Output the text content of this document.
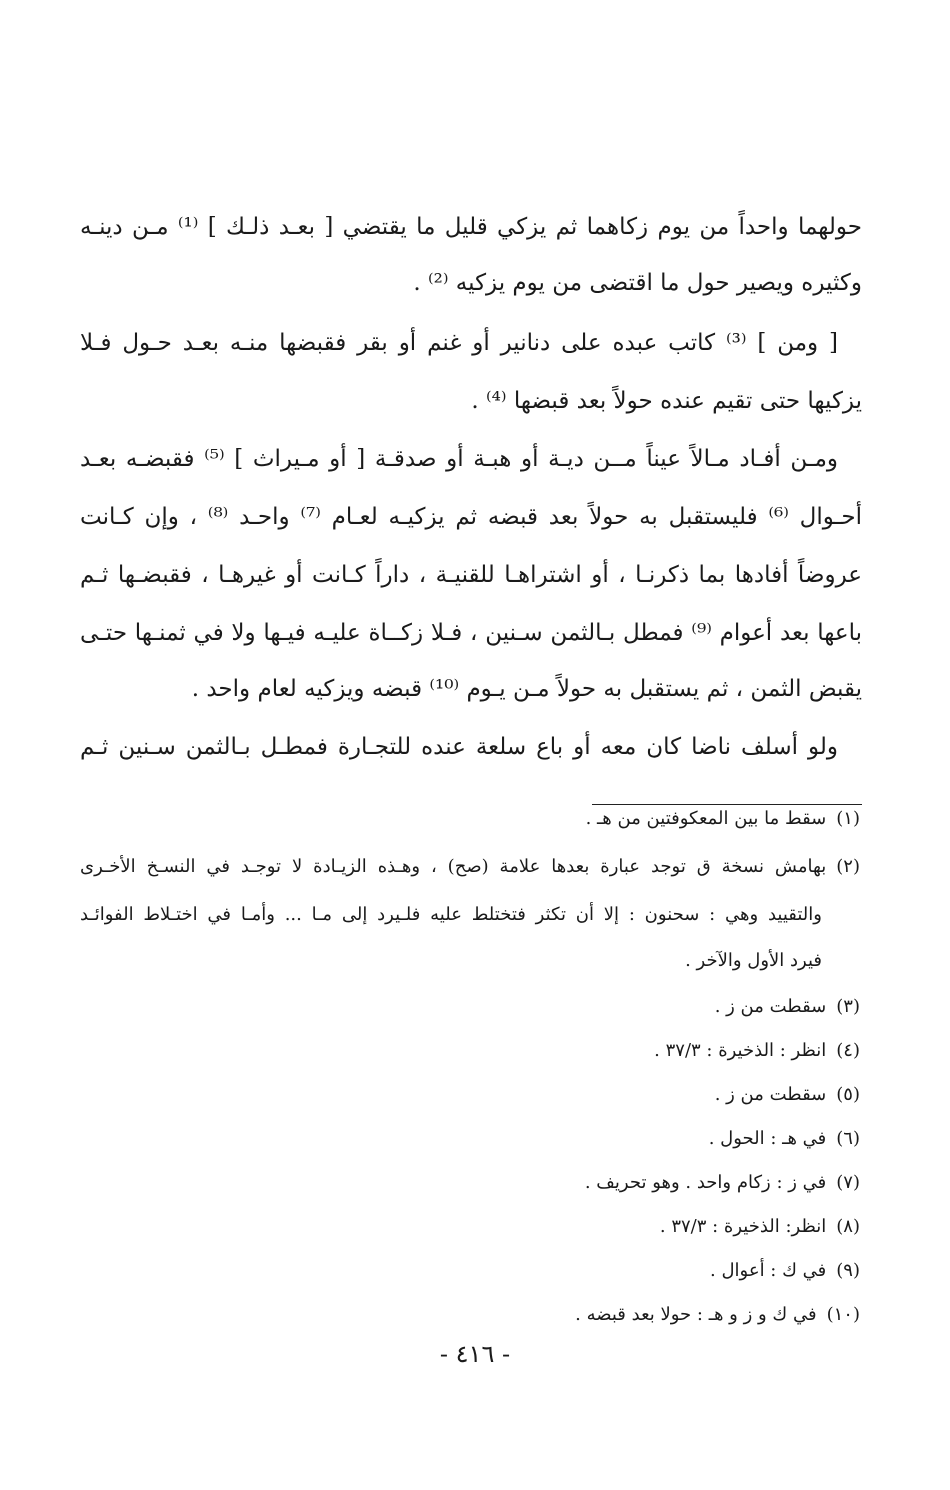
حولهما واحداً من يوم زكاهما ثم يزكي قليل ما يقتضي [ بعـد ذلـك ] ⁽¹⁾ مـن دينـه
وكثيره ويصير حول ما اقتضى من يوم يزكيه ⁽²⁾ .
[ ومن ] ⁽³⁾ كاتب عبده على دنانير أو غنم أو بقر فقبضها منـه بعـد حـول فـلا
يزكيها حتى تقيم عنده حولاً بعد قبضها ⁽⁴⁾ .
ومـن أفـاد مـالاً عيناً مــن ديـة أو هبـة أو صدقـة [ أو مـيراث ] ⁽⁵⁾ فقبضـه بعـد
أحـوال ⁽⁶⁾ فليستقبل به حولاً بعد قبضه ثم يزكيـه لعـام ⁽⁷⁾ واحـد ⁽⁸⁾ ، وإن كـانت
عروضاً أفادها بما ذكرنـا ، أو اشتراهـا للقنيـة ، داراً كـانت أو غيرهـا ، فقبضـها ثـم
باعها بعد أعوام ⁽⁹⁾ فمطل بـالثمن سـنين ، فـلا زكــاة عليـه فيـها ولا في ثمنـها حتـى
يقبض الثمن ، ثم يستقبل به حولاً مـن يـوم ⁽¹⁰⁾ قبضه ويزكيه لعام واحد .
ولو أسلف ناضا كان معه أو باع سلعة عنده للتجـارة فمطـل بـالثمن سـنين ثـم
(١)سقط ما بين المعكوفتين من هـ .
(٢)بهامش نسخة ق توجد عبارة بعدها علامة (صح) ، وهـذه الزيـادة لا توجـد في النسـخ الأخـرى
والتقييد وهي : سحنون : إلا أن تكثر فتختلط عليه فلـيرد إلى مـا ... وأمـا في اختـلاط الفوائـد
فيرد الأول والآخر .
(٣)سقطت من ز .
(٤)انظر : الذخيرة : ٣٧/٣ .
(٥)سقطت من ز .
(٦)في هـ : الحول .
(٧)في ز : زكام واحد . وهو تحريف .
(٨)انظر: الذخيرة : ٣٧/٣ .
(٩)في ك : أعوال .
(١٠)في ك و ز و هـ : حولا بعد قبضه .
- ٤١٦ -
